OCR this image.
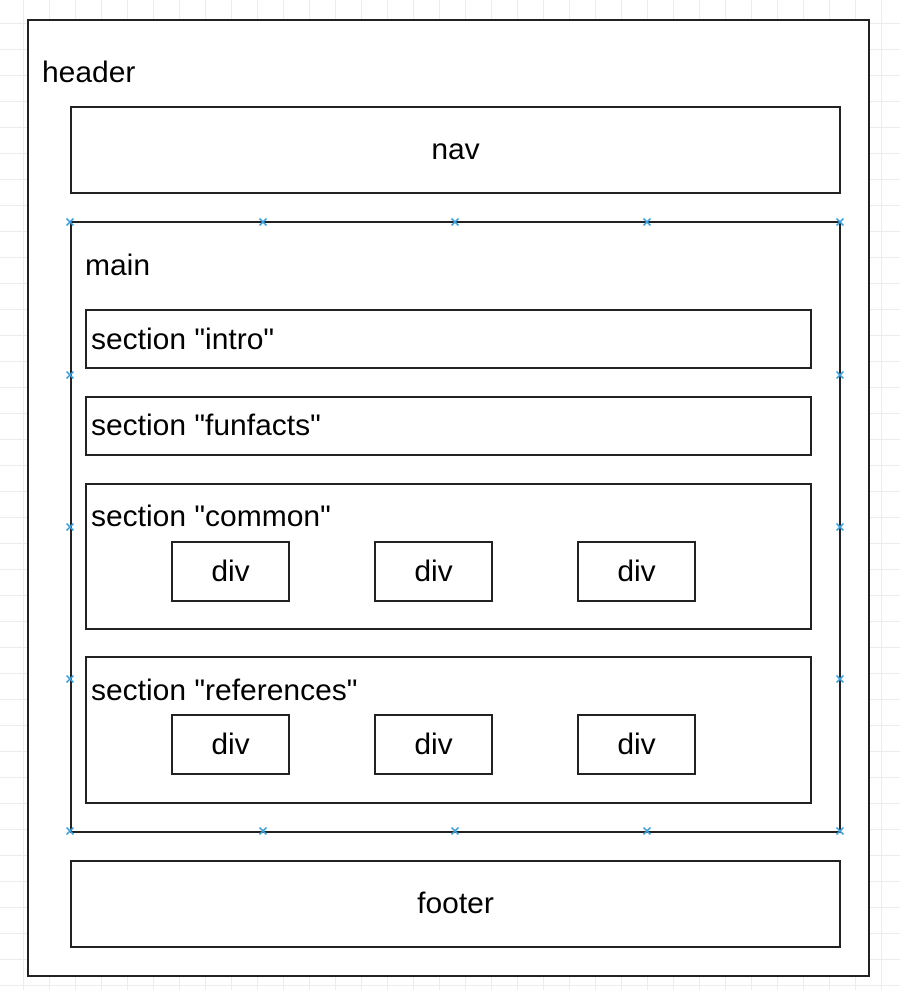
header
nav
main
section "intro"
section "funfacts"
section "common"
div	div	div
section "references"
div	div	div
footer
